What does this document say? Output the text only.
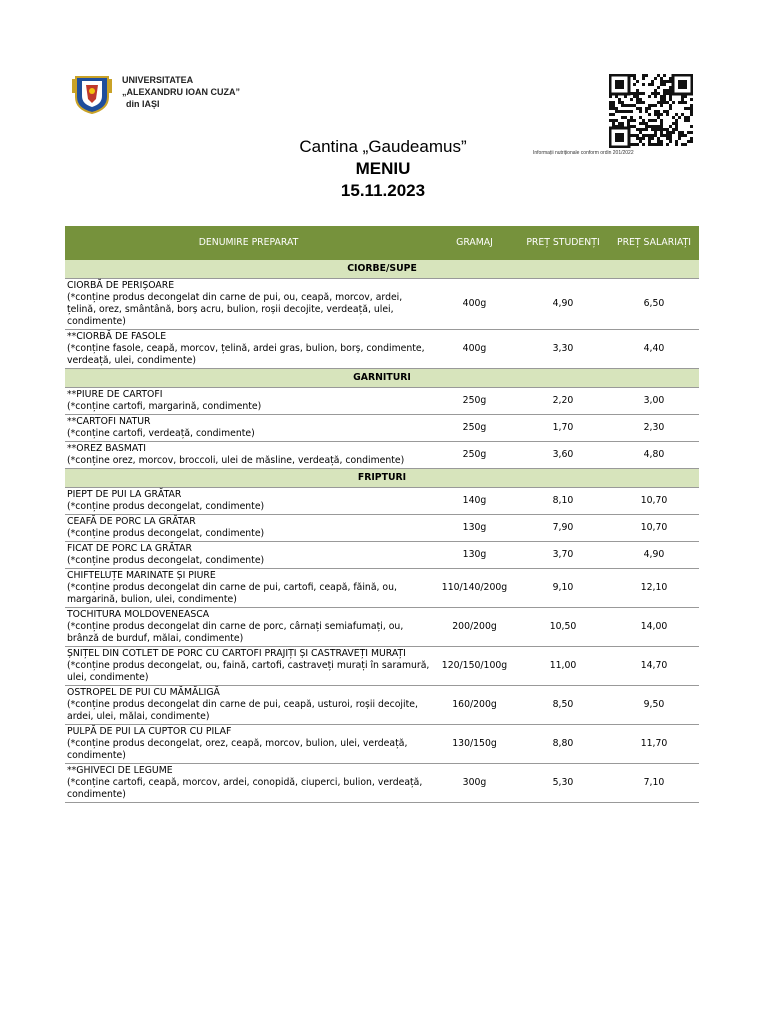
UNIVERSITATEA
„ALEXANDRU IOAN CUZA”
din IAȘI
Informații nutriționale conform ordin 201/2022
Cantina „Gaudeamus”
MENIU
15.11.2023
DENUMIRE PREPARAT	GRAMAJ	PREȚ STUDENȚI	PREȚ SALARIAȚI
CIORBE/SUPE			

CIORBĂ DE PERIȘOARE
(*conține produs decongelat din carne de pui, ou, ceapă, morcov, ardei, țelină, orez, smântână, borș acru, bulion, roșii decojite, verdeață, ulei, condimente)	400g	4,90	6,50

**CIORBĂ DE FASOLE
(*conține fasole, ceapă, morcov, țelină, ardei gras, bulion, borș, condimente, verdeață, ulei, condimente)	400g	3,30	4,40
GARNITURI			

**PIURE DE CARTOFI
(*conține cartofi, margarină, condimente)	250g	2,20	3,00

**CARTOFI NATUR
(*conține cartofi, verdeață, condimente)	250g	1,70	2,30

**OREZ BASMATI
(*conține orez, morcov, broccoli, ulei de măsline, verdeață, condimente)	250g	3,60	4,80
FRIPTURI			

PIEPT DE PUI LA GRĂTAR
(*conține produs decongelat, condimente)	140g	8,10	10,70

CEAFĂ DE PORC LA GRĂTAR
(*conține produs decongelat, condimente)	130g	7,90	10,70

FICAT DE PORC LA GRĂTAR
(*conține produs decongelat, condimente)	130g	3,70	4,90

CHIFTELUȚE MARINATE ȘI PIURE
(*conține produs decongelat din carne de pui, cartofi, ceapă, făină, ou, margarină, bulion, ulei, condimente)	110/140/200g	9,10	12,10

TOCHITURA MOLDOVENEASCA
(*conține produs decongelat din carne de porc, cârnați semiafumați, ou, brânză de burduf, mălai, condimente)	200/200g	10,50	14,00

ȘNIȚEL DIN COTLET DE PORC CU CARTOFI PRAJIȚI ȘI CASTRAVEȚI MURAȚI
(*conține produs decongelat, ou, faină, cartofi, castraveți murați în saramură, ulei, condimente)	120/150/100g	11,00	14,70

OSTROPEL DE PUI CU MĂMĂLIGĂ
(*conține produs decongelat din carne de pui, ceapă, usturoi, roșii decojite, ardei, ulei, mălai, condimente)	160/200g	8,50	9,50

PULPĂ DE PUI LA CUPTOR CU PILAF
(*conține produs decongelat, orez, ceapă, morcov, bulion, ulei, verdeață, condimente)	130/150g	8,80	11,70

**GHIVECI DE LEGUME
(*conține cartofi, ceapă, morcov, ardei, conopidă, ciuperci, bulion, verdeață, condimente)	300g	5,30	7,10
